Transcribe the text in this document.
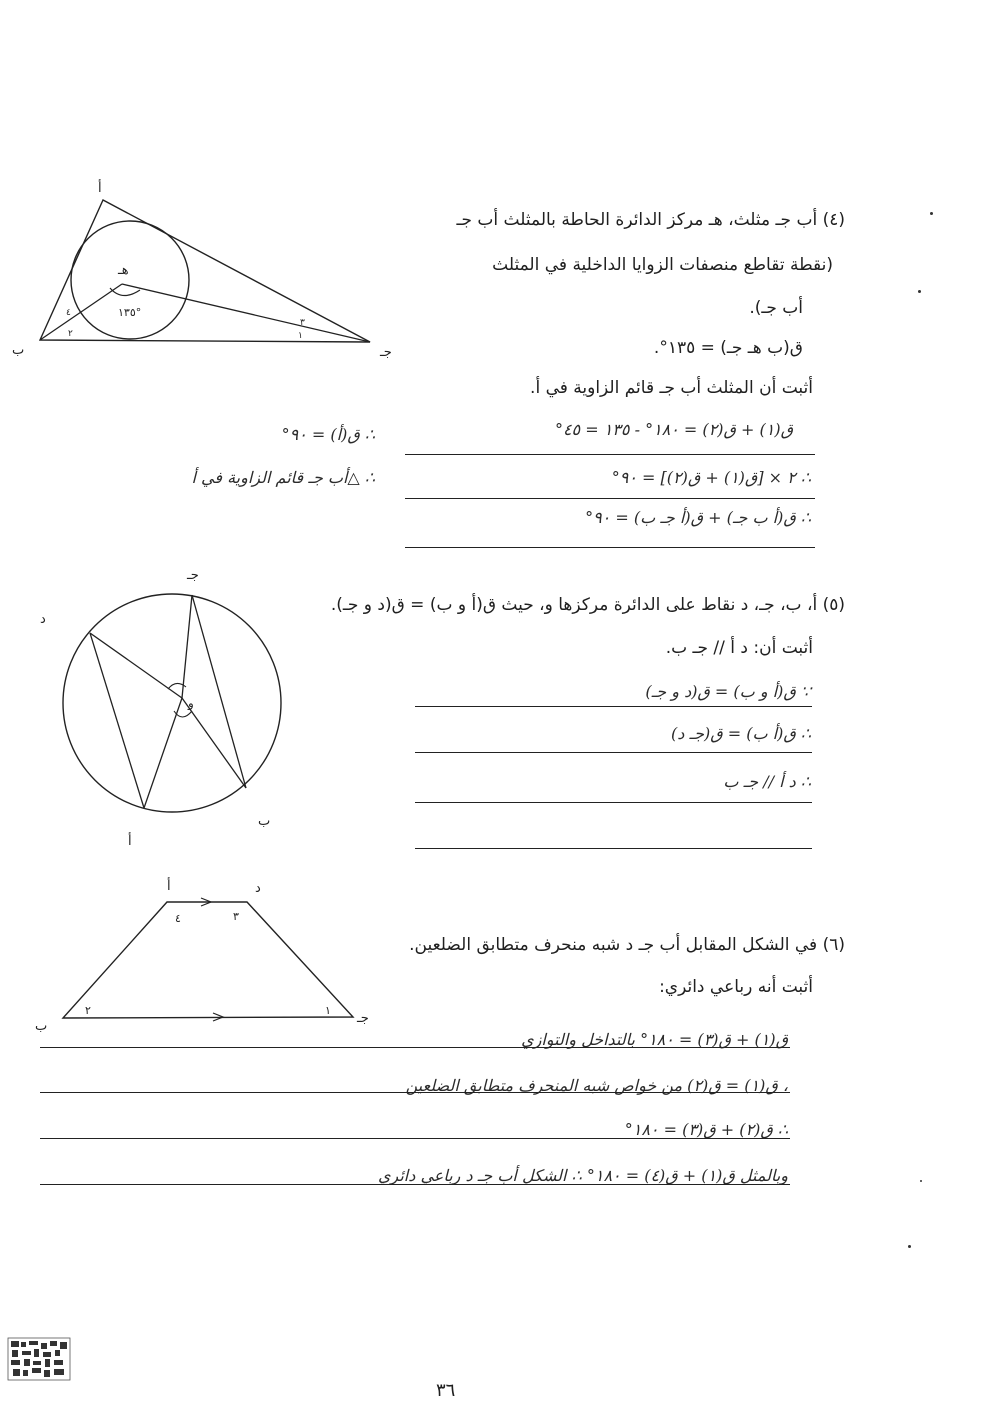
(٤) أب جـ مثلث، هـ مركز الدائرة الحاطة بالمثلث أب جـ
(نقطة تقاطع منصفات الزوايا الداخلية في المثلث
أب جـ).
ق(ب هـ جـ) = ١٣٥°.
أثبت أن المثلث أب جـ قائم الزاوية في أ.
ق(١) + ق(٢) = ١٨٠° - ١٣٥ = ٤٥°
∴ ٢ × [ق(١) + ق(٢)] = ٩٠°
∴ ق(أ ب جـ) + ق(أ جـ ب) = ٩٠°
∴ ق(أ) = ٩٠°
∴ △أب جـ قائم الزاوية في أ
أ
ب	جـ
هـ
١٣٥°
١
٢
٣
٤
(٥) أ، ب، جـ، د نقاط على الدائرة مركزها و، حيث ق(أ و ب) = ق(د و جـ).
أثبت أن: د أ // جـ ب.
∵ ق(أ و ب) = ق(د و جـ)
∴ ق(أ ب) = ق(جـ د)
∴ د أ // جـ ب
جـ
د
ب
أ
و
(٦) في الشكل المقابل أب جـ د شبه منحرف متطابق الضلعين.
أثبت أنه رباعي دائري:
ق(١) + ق(٣) = ١٨٠° بالتداخل والتوازي
، ق(١) = ق(٢) من خواص شبه المنحرف متطابق الضلعين
∴ ق(٢) + ق(٣) = ١٨٠°
وبالمثل ق(١) + ق(٤) = ١٨٠° ∴ الشكل أب جـ د رباعي دائري
أ	د
ب
جـ
١
٢
٣
٤
٣٦
